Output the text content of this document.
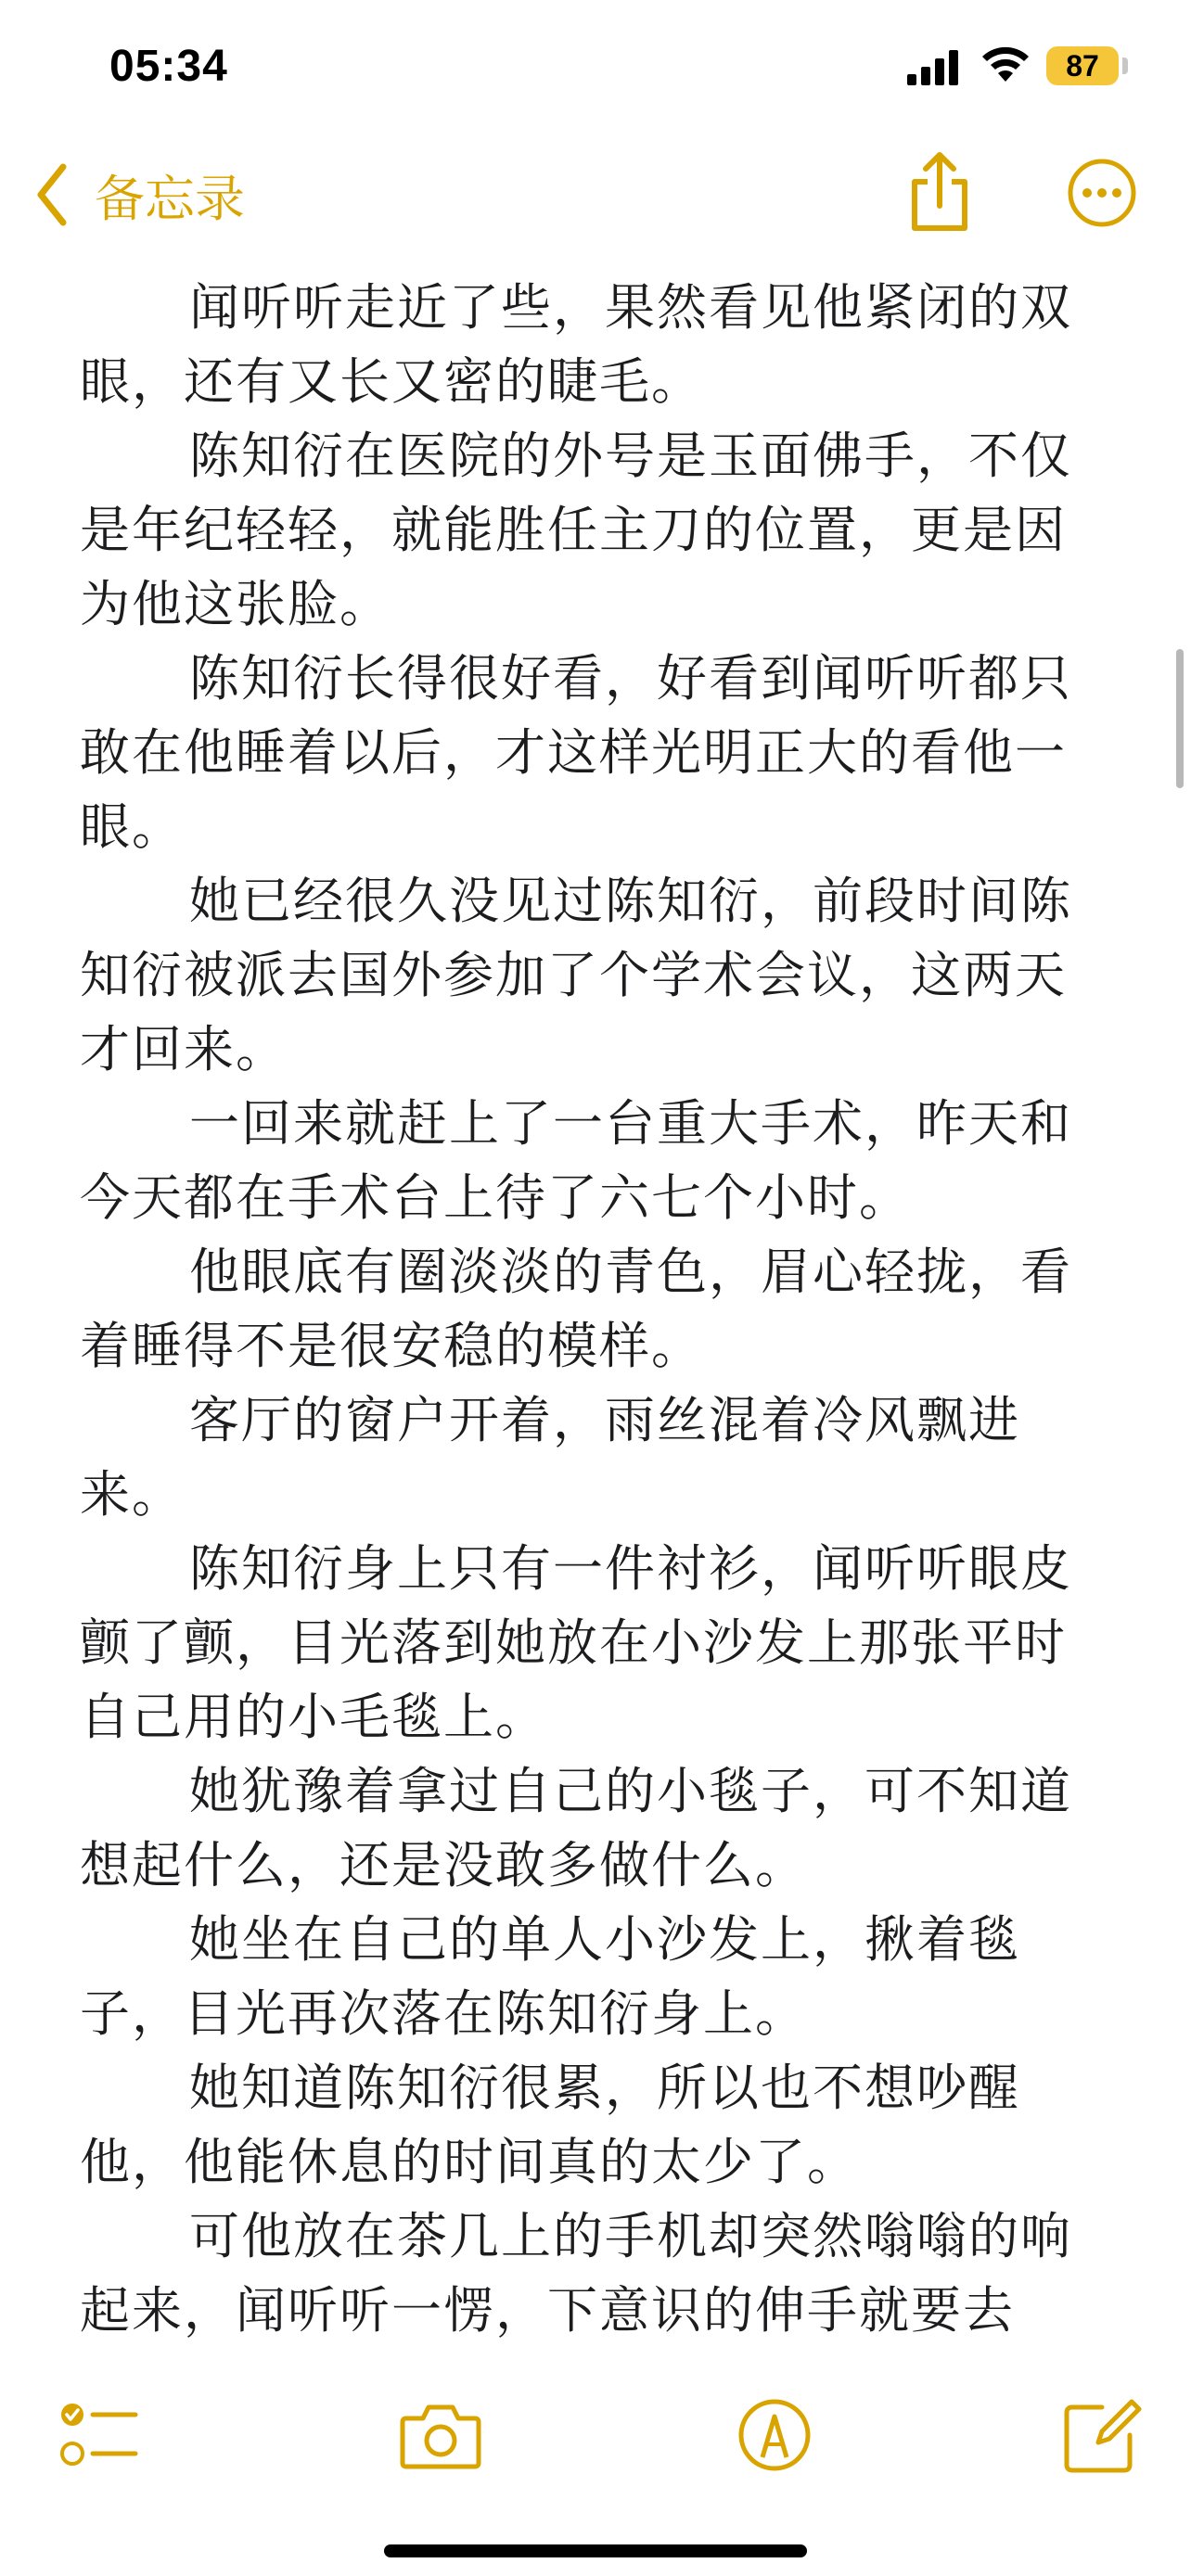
05:34	87
备忘录
闻听听走近了些，果然看见他紧闭的双
眼，还有又长又密的睫毛。
陈知衍在医院的外号是玉面佛手，不仅
是年纪轻轻，就能胜任主刀的位置，更是因
为他这张脸。
陈知衍长得很好看，好看到闻听听都只
敢在他睡着以后，才这样光明正大的看他一
眼。
她已经很久没见过陈知衍，前段时间陈
知衍被派去国外参加了个学术会议，这两天
才回来。
一回来就赶上了一台重大手术，昨天和
今天都在手术台上待了六七个小时。
他眼底有圈淡淡的青色，眉心轻拢，看
着睡得不是很安稳的模样。
客厅的窗户开着，雨丝混着冷风飘进
来。
陈知衍身上只有一件衬衫，闻听听眼皮
颤了颤，目光落到她放在小沙发上那张平时
自己用的小毛毯上。
她犹豫着拿过自己的小毯子，可不知道
想起什么，还是没敢多做什么。
她坐在自己的单人小沙发上，揪着毯
子，目光再次落在陈知衍身上。
她知道陈知衍很累，所以也不想吵醒
他，他能休息的时间真的太少了。
可他放在茶几上的手机却突然嗡嗡的响
起来，闻听听一愣，下意识的伸手就要去
